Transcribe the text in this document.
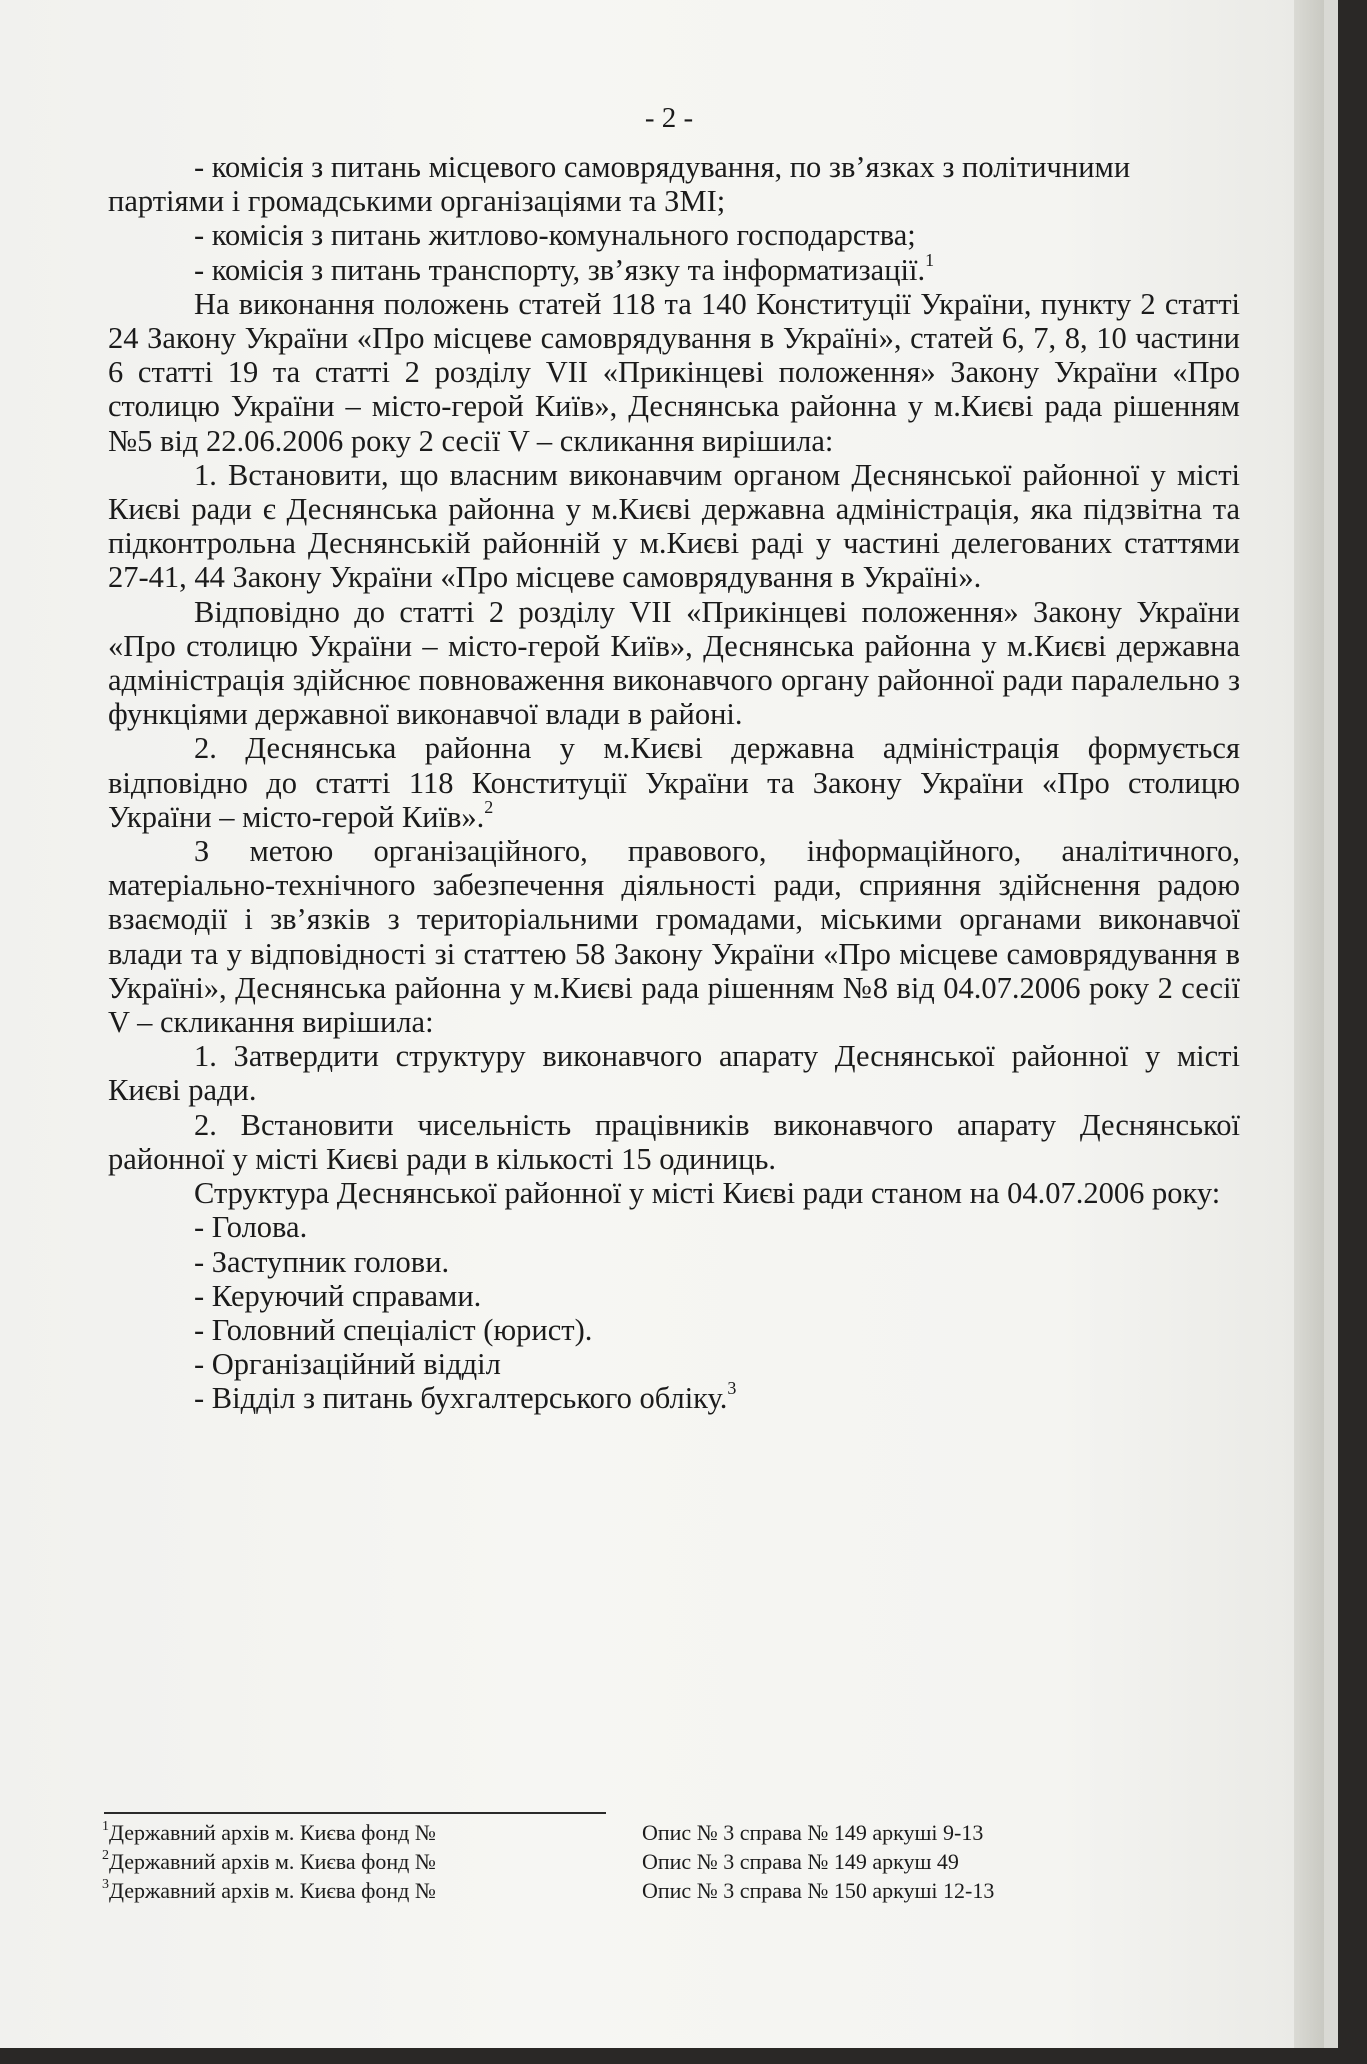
- 2 -

- комісія з питань місцевого самоврядування, по зв’язках з політичними

партіями і громадськими організаціями та ЗМІ;

- комісія з питань житлово-комунального господарства;

- комісія з питань транспорту, зв’язку та інформатизації.$^1$

На виконання положень статей 118 та 140 Конституції України, пункту 2 статті 24 Закону України «Про місцеве самоврядування в Україні», статей 6, 7, 8, 10 частини 6 статті 19 та статті 2 розділу VІІ «Прикінцеві положення» Закону України «Про столицю України – місто-герой Київ», Деснянська районна у м.Києві рада рішенням №5 від 22.06.2006 року 2 сесії V – скликання вирішила:

1. Встановити, що власним виконавчим органом Деснянської районної у місті Києві ради є Деснянська районна у м.Києві державна адміністрація, яка підзвітна та підконтрольна Деснянській районній у м.Києві раді у частині делегованих статтями 27-41, 44 Закону України «Про місцеве самоврядування в Україні».

Відповідно до статті 2 розділу VІІ «Прикінцеві положення» Закону України «Про столицю України – місто-герой Київ», Деснянська районна у м.Києві державна адміністрація здійснює повноваження виконавчого органу районної ради паралельно з функціями державної виконавчої влади в районі.

2. Деснянська районна у м.Києві державна адміністрація формується відповідно до статті 118 Конституції України та Закону України «Про столицю України – місто-герой Київ».$^2$

З метою організаційного, правового, інформаційного, аналітичного, матеріально-технічного забезпечення діяльності ради, сприяння здійснення радою взаємодії і зв’язків з територіальними громадами, міськими органами виконавчої влади та у відповідності зі статтею 58 Закону України «Про місцеве самоврядування в Україні», Деснянська районна у м.Києві рада рішенням №8 від 04.07.2006 року 2 сесії V – скликання вирішила:

1. Затвердити структуру виконавчого апарату Деснянської районної у місті Києві ради.

2. Встановити чисельність працівників виконавчого апарату Деснянської районної у місті Києві ради в кількості 15 одиниць.

Структура Деснянської районної у місті Києві ради станом на 04.07.2006 року:

- Голова.

- Заступник голови.

- Керуючий справами.

- Головний спеціаліст (юрист).

- Організаційний відділ

- Відділ з питань бухгалтерського обліку.$^3$

$^1$Державний архів м. Києва фонд №	Опис № 3 справа № 149 аркуші 9-13
$^2$Державний архів м. Києва фонд №	Опис № 3 справа № 149 аркуш 49
$^3$Державний архів м. Києва фонд №	Опис № 3 справа № 150 аркуші 12-13
